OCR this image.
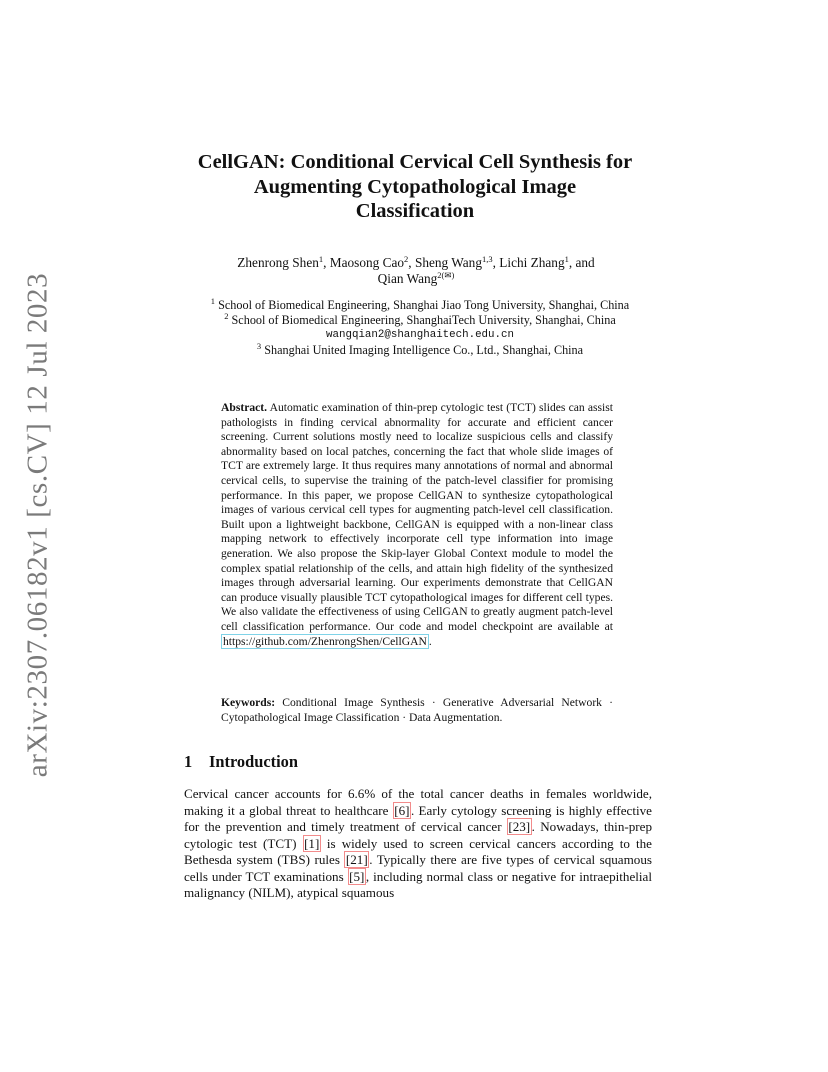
arXiv:2307.06182v1 [cs.CV] 12 Jul 2023
CellGAN: Conditional Cervical Cell Synthesis for
Augmenting Cytopathological Image
Classification
Zhenrong Shen$^1$, Maosong Cao$^2$, Sheng Wang$^{1,3}$, Lichi Zhang$^1$, and
Qian Wang$^{2(✉)}$
$^1$ School of Biomedical Engineering, Shanghai Jiao Tong University, Shanghai, China
$^2$ School of Biomedical Engineering, ShanghaiTech University, Shanghai, China
wangqian2@shanghaitech.edu.cn
$^3$ Shanghai United Imaging Intelligence Co., Ltd., Shanghai, China
Abstract. Automatic examination of thin-prep cytologic test (TCT) slides can assist pathologists in finding cervical abnormality for accurate and efficient cancer screening. Current solutions mostly need to localize suspicious cells and classify abnormality based on local patches, concerning the fact that whole slide images of TCT are extremely large. It thus requires many annotations of normal and abnormal cervical cells, to supervise the training of the patch-level classifier for promising performance. In this paper, we propose CellGAN to synthesize cytopathological images of various cervical cell types for augmenting patch-level cell classification. Built upon a lightweight backbone, CellGAN is equipped with a non-linear class mapping network to effectively incorporate cell type information into image generation. We also propose the Skip-layer Global Context module to model the complex spatial relationship of the cells, and attain high fidelity of the synthesized images through adversarial learning. Our experiments demonstrate that CellGAN can produce visually plausible TCT cytopathological images for different cell types. We also validate the effectiveness of using CellGAN to greatly augment patch-level cell classification performance. Our code and model checkpoint are available at https://github.com/ZhenrongShen/CellGAN .
Keywords: Conditional Image Synthesis · Generative Adversarial Network · Cytopathological Image Classification · Data Augmentation.
1 Introduction
Cervical cancer accounts for 6.6% of the total cancer deaths in females worldwide, making it a global threat to healthcare [6] . Early cytology screening is highly effective for the prevention and timely treatment of cervical cancer [23] . Nowadays, thin-prep cytologic test (TCT) [1] is widely used to screen cervical cancers according to the Bethesda system (TBS) rules [21] . Typically there are five types of cervical squamous cells under TCT examinations [5] , including normal class or negative for intraepithelial malignancy (NILM), atypical squamous
